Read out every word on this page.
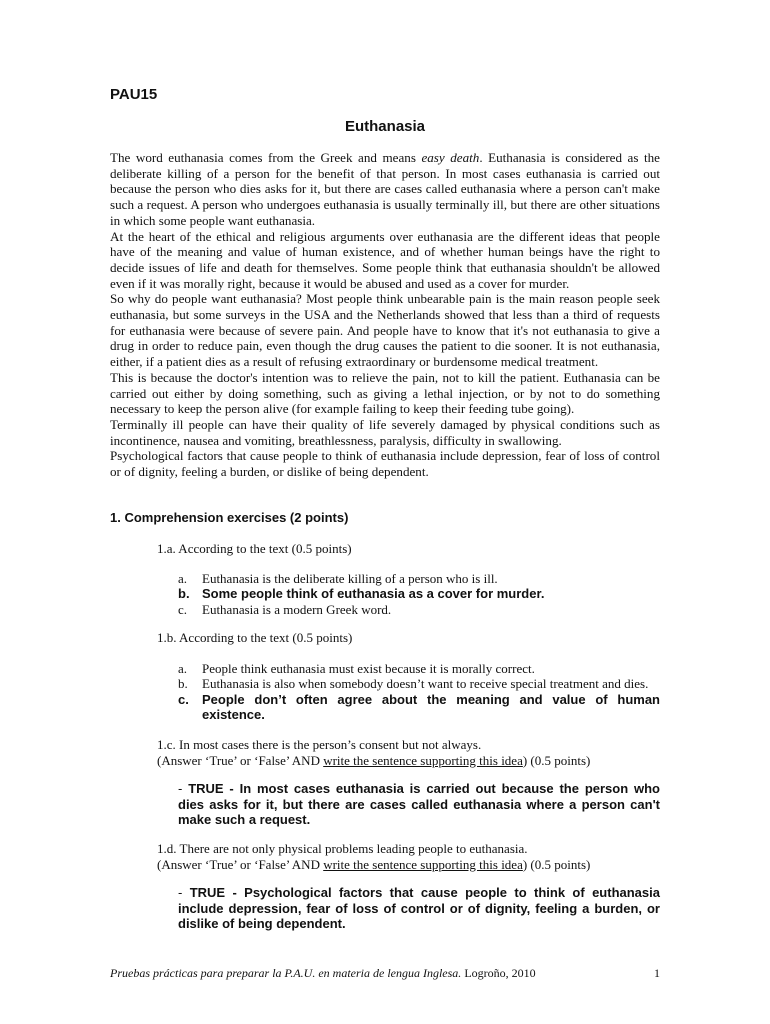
PAU15

Euthanasia

The word euthanasia comes from the Greek and means easy death. Euthanasia is considered as the deliberate killing of a person for the benefit of that person. In most cases euthanasia is carried out because the person who dies asks for it, but there are cases called euthanasia where a person can't make such a request. A person who undergoes euthanasia is usually terminally ill, but there are other situations in which some people want euthanasia.

At the heart of the ethical and religious arguments over euthanasia are the different ideas that people have of the meaning and value of human existence, and of whether human beings have the right to decide issues of life and death for themselves. Some people think that euthanasia shouldn't be allowed even if it was morally right, because it would be abused and used as a cover for murder.

So why do people want euthanasia? Most people think unbearable pain is the main reason people seek euthanasia, but some surveys in the USA and the Netherlands showed that less than a third of requests for euthanasia were because of severe pain. And people have to know that it's not euthanasia to give a drug in order to reduce pain, even though the drug causes the patient to die sooner. It is not euthanasia, either, if a patient dies as a result of refusing extraordinary or burdensome medical treatment.

This is because the doctor's intention was to relieve the pain, not to kill the patient. Euthanasia can be carried out either by doing something, such as giving a lethal injection, or by not to do something necessary to keep the person alive (for example failing to keep their feeding tube going).

Terminally ill people can have their quality of life severely damaged by physical conditions such as incontinence, nausea and vomiting, breathlessness, paralysis, difficulty in swallowing.

Psychological factors that cause people to think of euthanasia include depression, fear of loss of control or of dignity, feeling a burden, or dislike of being dependent.

1. Comprehension exercises (2 points)

1.a. According to the text (0.5 points)

a.	Euthanasia is the deliberate killing of a person who is ill.
b. Some people think of euthanasia as a cover for murder.
c.	Euthanasia is a modern Greek word.

1.b. According to the text (0.5 points)

a.	People think euthanasia must exist because it is morally correct.
b.	Euthanasia is also when somebody doesn’t want to receive special treatment and dies.
c.	People don’t often agree about the meaning and value of human existence.
1.c. In most cases there is the person’s consent but not always.
(Answer ‘True’ or ‘False’ AND write the sentence supporting this idea) (0.5 points)

- TRUE - In most cases euthanasia is carried out because the person who dies asks for it, but there are cases called euthanasia where a person can't make such a request.

1.d. There are not only physical problems leading people to euthanasia.
(Answer ‘True’ or ‘False’ AND write the sentence supporting this idea) (0.5 points)

- TRUE - Psychological factors that cause people to think of euthanasia include depression, fear of loss of control or of dignity, feeling a burden, or dislike of being dependent.

Pruebas prácticas para preparar la P.A.U. en materia de lengua Inglesa. Logroño, 2010	1
